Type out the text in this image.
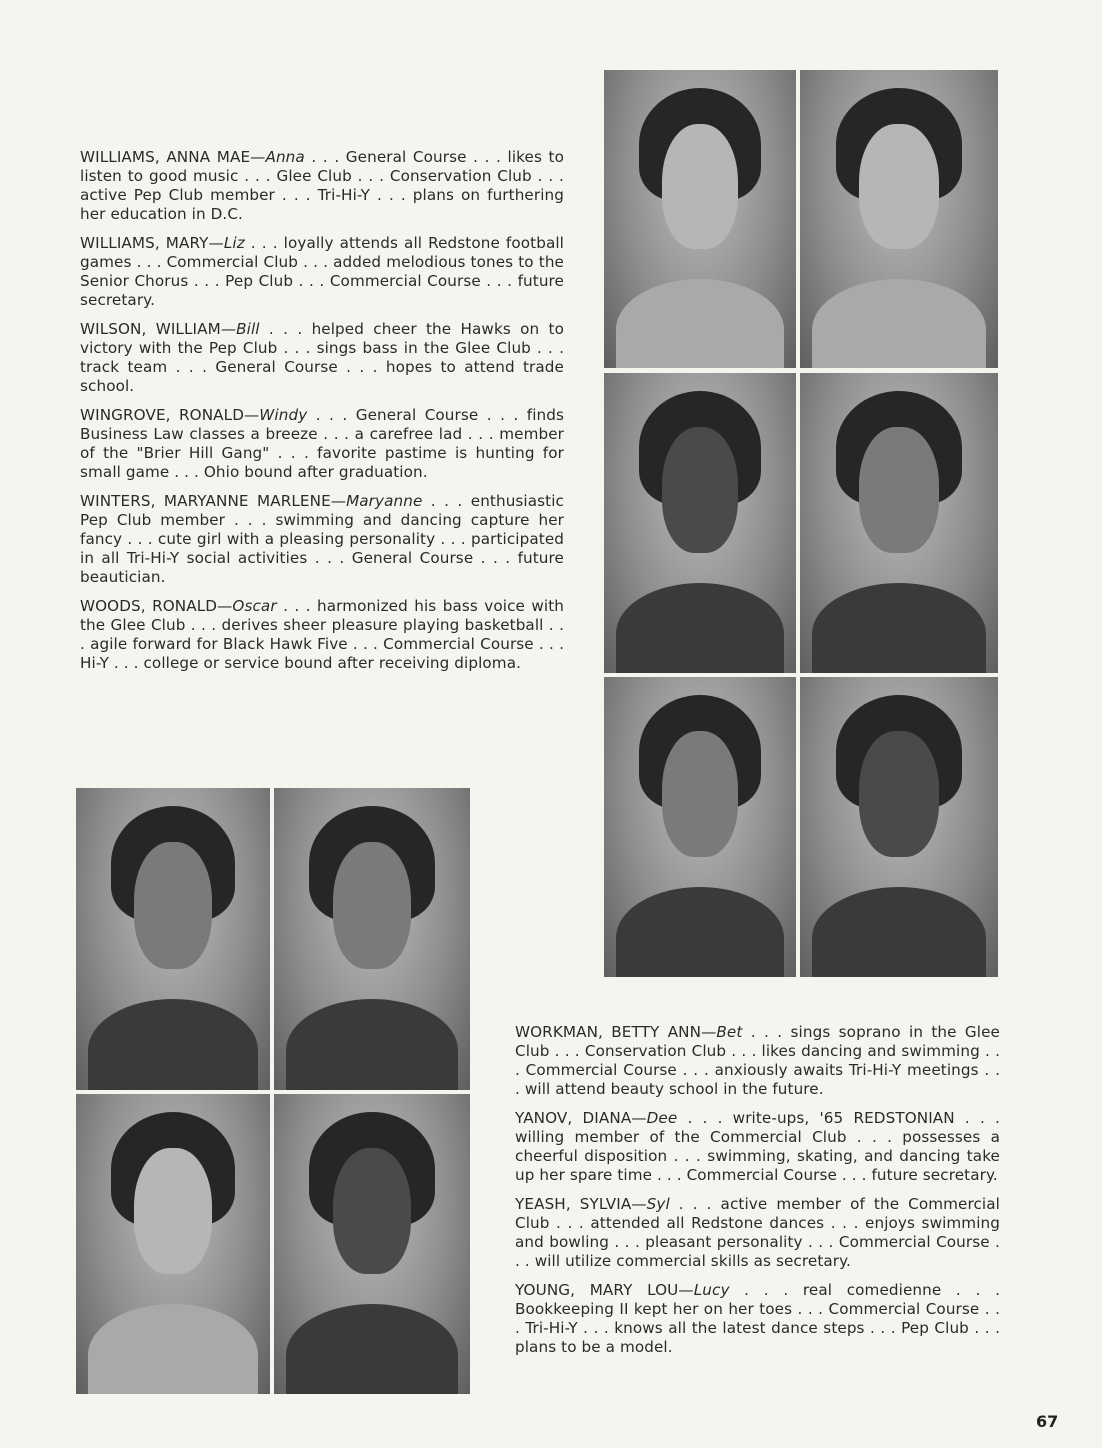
WILLIAMS, ANNA MAE—Anna . . . General Course . . . likes to listen to good music . . . Glee Club . . . Conservation Club . . . active Pep Club member . . . Tri-Hi-Y . . . plans on furthering her education in D.C.

WILLIAMS, MARY—Liz . . . loyally attends all Redstone football games . . . Commercial Club . . . added melodious tones to the Senior Chorus . . . Pep Club . . . Commercial Course . . . future secretary.

WILSON, WILLIAM—Bill . . . helped cheer the Hawks on to victory with the Pep Club . . . sings bass in the Glee Club . . . track team . . . General Course . . . hopes to attend trade school.

WINGROVE, RONALD—Windy . . . General Course . . . finds Business Law classes a breeze . . . a carefree lad . . . member of the "Brier Hill Gang" . . . favorite pastime is hunting for small game . . . Ohio bound after graduation.

WINTERS, MARYANNE MARLENE—Maryanne . . . enthusiastic Pep Club member . . . swimming and dancing capture her fancy . . . cute girl with a pleasing personality . . . participated in all Tri-Hi-Y social activities . . . General Course . . . future beautician.

WOODS, RONALD—Oscar . . . harmonized his bass voice with the Glee Club . . . derives sheer pleasure playing basketball . . . agile forward for Black Hawk Five . . . Commercial Course . . . Hi-Y . . . college or service bound after receiving diploma.

WORKMAN, BETTY ANN—Bet . . . sings soprano in the Glee Club . . . Conservation Club . . . likes dancing and swimming . . . Commercial Course . . . anxiously awaits Tri-Hi-Y meetings . . . will attend beauty school in the future.

YANOV, DIANA—Dee . . . write-ups, '65 REDSTONIAN . . . willing member of the Commercial Club . . . possesses a cheerful disposition . . . swimming, skating, and dancing take up her spare time . . . Commercial Course . . . future secretary.

YEASH, SYLVIA—Syl . . . active member of the Commercial Club . . . attended all Redstone dances . . . enjoys swimming and bowling . . . pleasant personality . . . Commercial Course . . . will utilize commercial skills as secretary.

YOUNG, MARY LOU—Lucy . . . real comedienne . . . Bookkeeping II kept her on her toes . . . Commercial Course . . . Tri-Hi-Y . . . knows all the latest dance steps . . . Pep Club . . . plans to be a model.

67
